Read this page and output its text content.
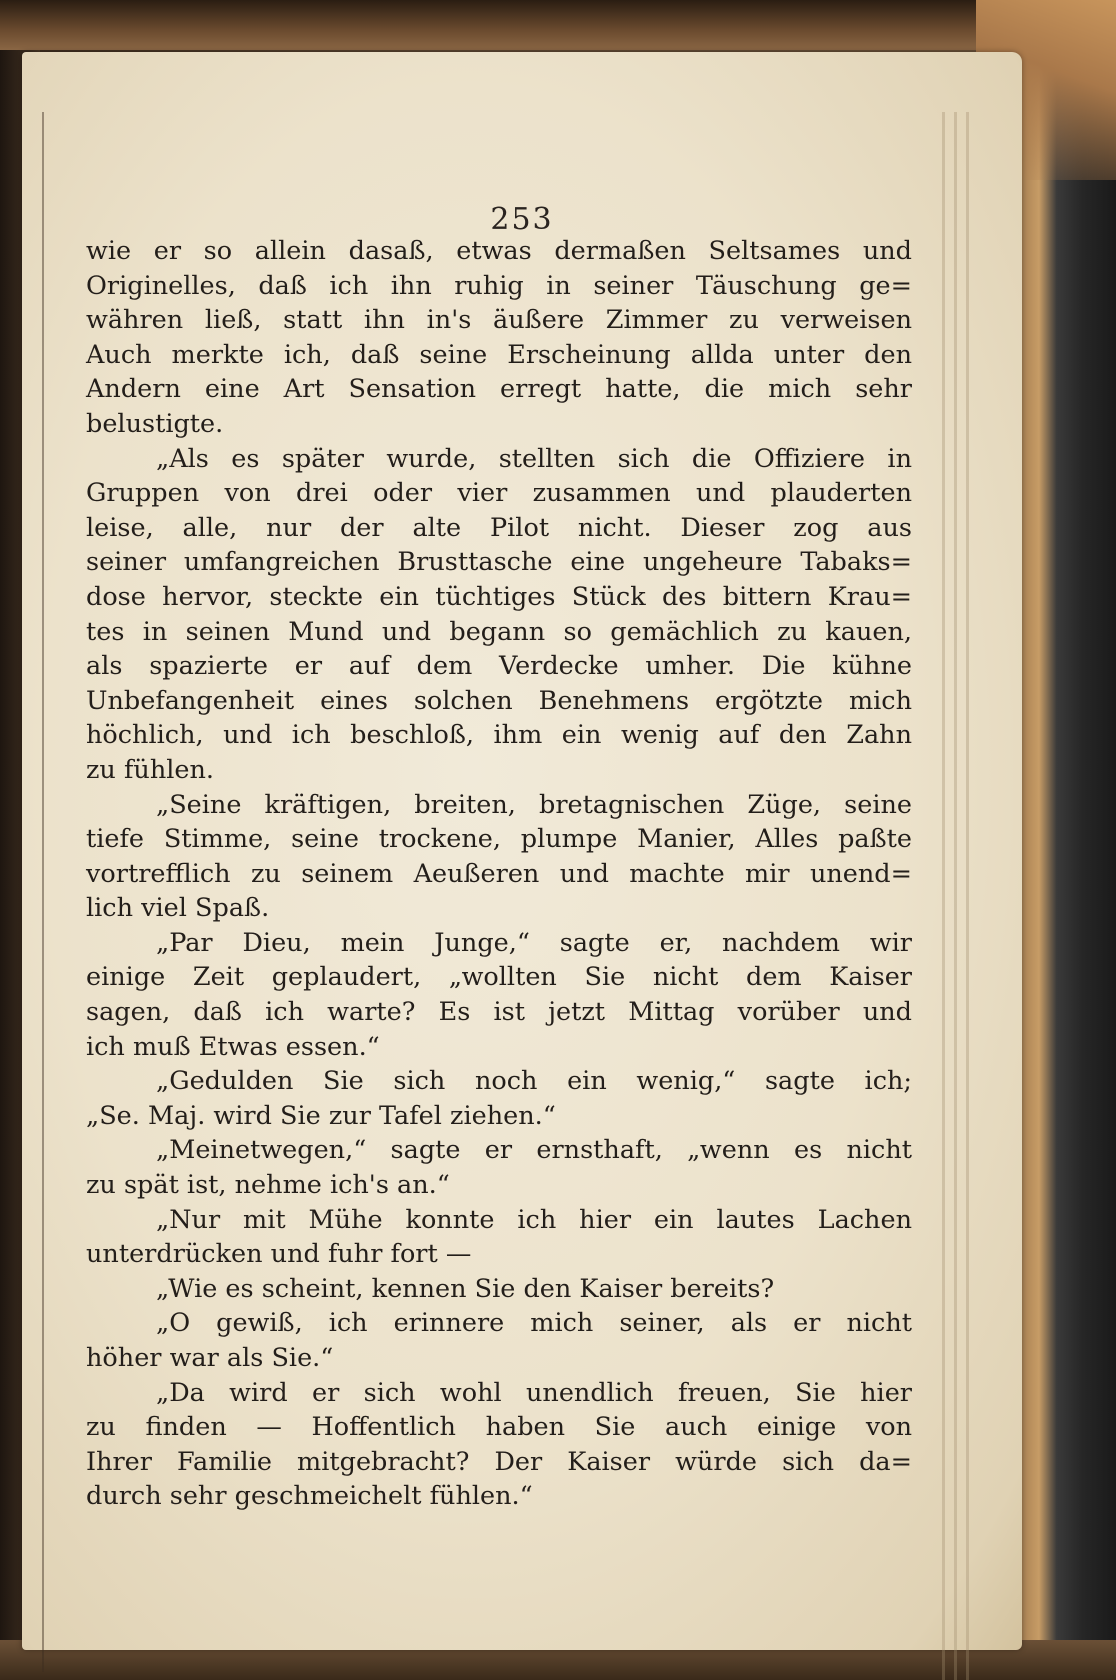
253
wie er so allein dasaß, etwas dermaßen Seltsames und
Originelles, daß ich ihn ruhig in seiner Täuschung ge=
währen ließ, statt ihn in's äußere Zimmer zu verweisen
Auch merkte ich, daß seine Erscheinung allda unter den
Andern eine Art Sensation erregt hatte, die mich sehr
belustigte.
„Als es später wurde, stellten sich die Offiziere in
Gruppen von drei oder vier zusammen und plauderten
leise, alle, nur der alte Pilot nicht. Dieser zog aus
seiner umfangreichen Brusttasche eine ungeheure Tabaks=
dose hervor, steckte ein tüchtiges Stück des bittern Krau=
tes in seinen Mund und begann so gemächlich zu kauen,
als spazierte er auf dem Verdecke umher. Die kühne
Unbefangenheit eines solchen Benehmens ergötzte mich
höchlich, und ich beschloß, ihm ein wenig auf den Zahn
zu fühlen.
„Seine kräftigen, breiten, bretagnischen Züge, seine
tiefe Stimme, seine trockene, plumpe Manier, Alles paßte
vortrefflich zu seinem Aeußeren und machte mir unend=
lich viel Spaß.
„Par Dieu, mein Junge,“ sagte er, nachdem wir
einige Zeit geplaudert, „wollten Sie nicht dem Kaiser
sagen, daß ich warte? Es ist jetzt Mittag vorüber und
ich muß Etwas essen.“
„Gedulden Sie sich noch ein wenig,“ sagte ich;
„Se. Maj. wird Sie zur Tafel ziehen.“
„Meinetwegen,“ sagte er ernsthaft, „wenn es nicht
zu spät ist, nehme ich's an.“
„Nur mit Mühe konnte ich hier ein lautes Lachen
unterdrücken und fuhr fort —
„Wie es scheint, kennen Sie den Kaiser bereits?
„O gewiß, ich erinnere mich seiner, als er nicht
höher war als Sie.“
„Da wird er sich wohl unendlich freuen, Sie hier
zu finden — Hoffentlich haben Sie auch einige von
Ihrer Familie mitgebracht? Der Kaiser würde sich da=
durch sehr geschmeichelt fühlen.“
